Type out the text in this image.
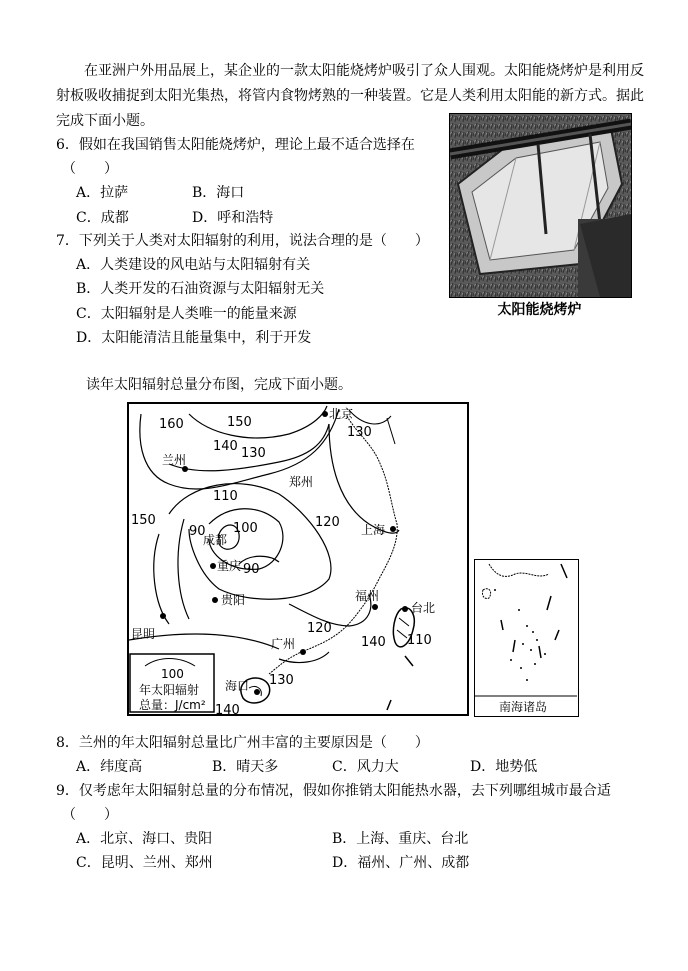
在亚洲户外用品展上，某企业的一款太阳能烧烤炉吸引了众人围观。太阳能烧烤炉是利用反
射板吸收捕捉到太阳光集热，将管内食物烤熟的一种装置。它是人类利用太阳能的新方式。据此
完成下面小题。
6．假如在我国销售太阳能烧烤炉，理论上最不适合选择在
（　　）
A．拉萨	B．海口
C．成都	D．呼和浩特
7．下列关于人类对太阳辐射的利用，说法合理的是（　　）
A．人类建设的风电站与太阳辐射有关
B．人类开发的石油资源与太阳辐射无关
C．太阳辐射是人类唯一的能量来源
D．太阳能清洁且能量集中，利于开发
太阳能烧烤炉
读年太阳辐射总量分布图，完成下面小题。
160	150
140 130
110
100
90
120
150
90
120
130
140 110
140
130
北京
兰州
郑州
上海
成都
重庆
贵阳	福州
台北
昆明
广州
海口
100
年太阳辐射
总量：J/cm²	南海诸岛
8．兰州的年太阳辐射总量比广州丰富的主要原因是（　　）
A．纬度高	B．晴天多	C．风力大	D．地势低
9．仅考虑年太阳辐射总量的分布情况，假如你推销太阳能热水器，去下列哪组城市最合适
（　　）
A．北京、海口、贵阳	B．上海、重庆、台北
C．昆明、兰州、郑州	D．福州、广州、成都
